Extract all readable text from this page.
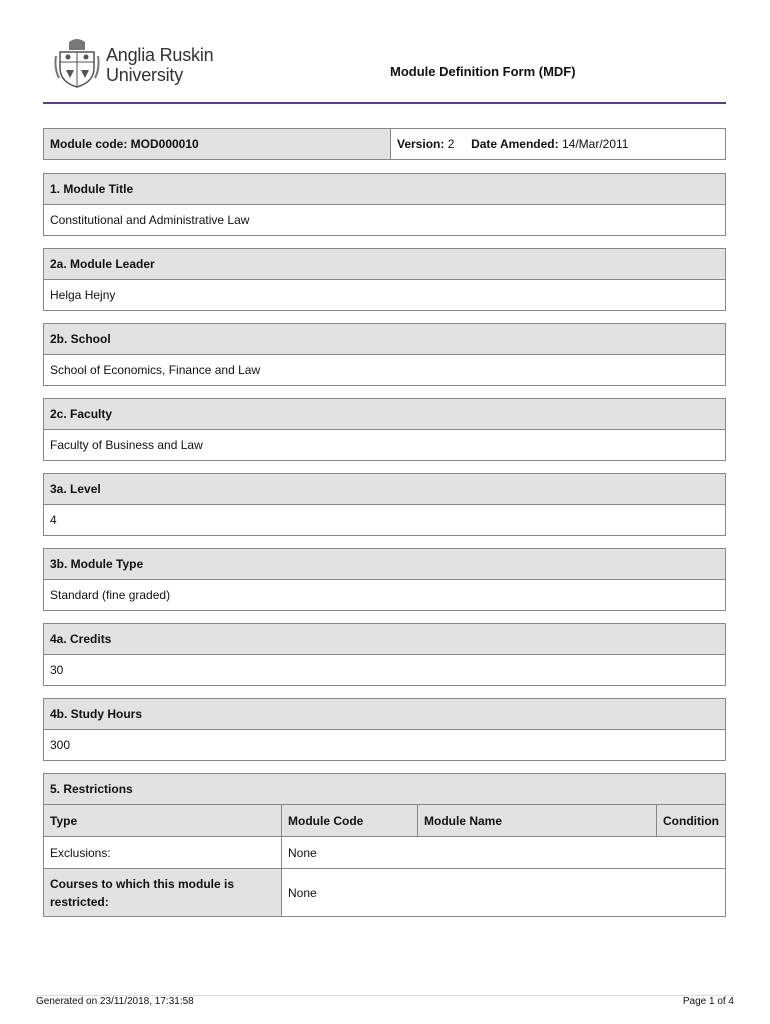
Anglia Ruskin
University	Module Definition Form (MDF)
Module code: MOD000010	Version: 2 Date Amended: 14/Mar/2011
1. Module Title
Constitutional and Administrative Law
2a. Module Leader
Helga Hejny
2b. School
School of Economics, Finance and Law
2c. Faculty
Faculty of Business and Law
3a. Level
4
3b. Module Type
Standard (fine graded)
4a. Credits
30
4b. Study Hours
300
5. Restrictions
Type	Module Code	Module Name	Condition
Exclusions:	None
Courses to which this module is restricted:
None
Generated on 23/11/2018, 17:31:58	Page 1 of 4
